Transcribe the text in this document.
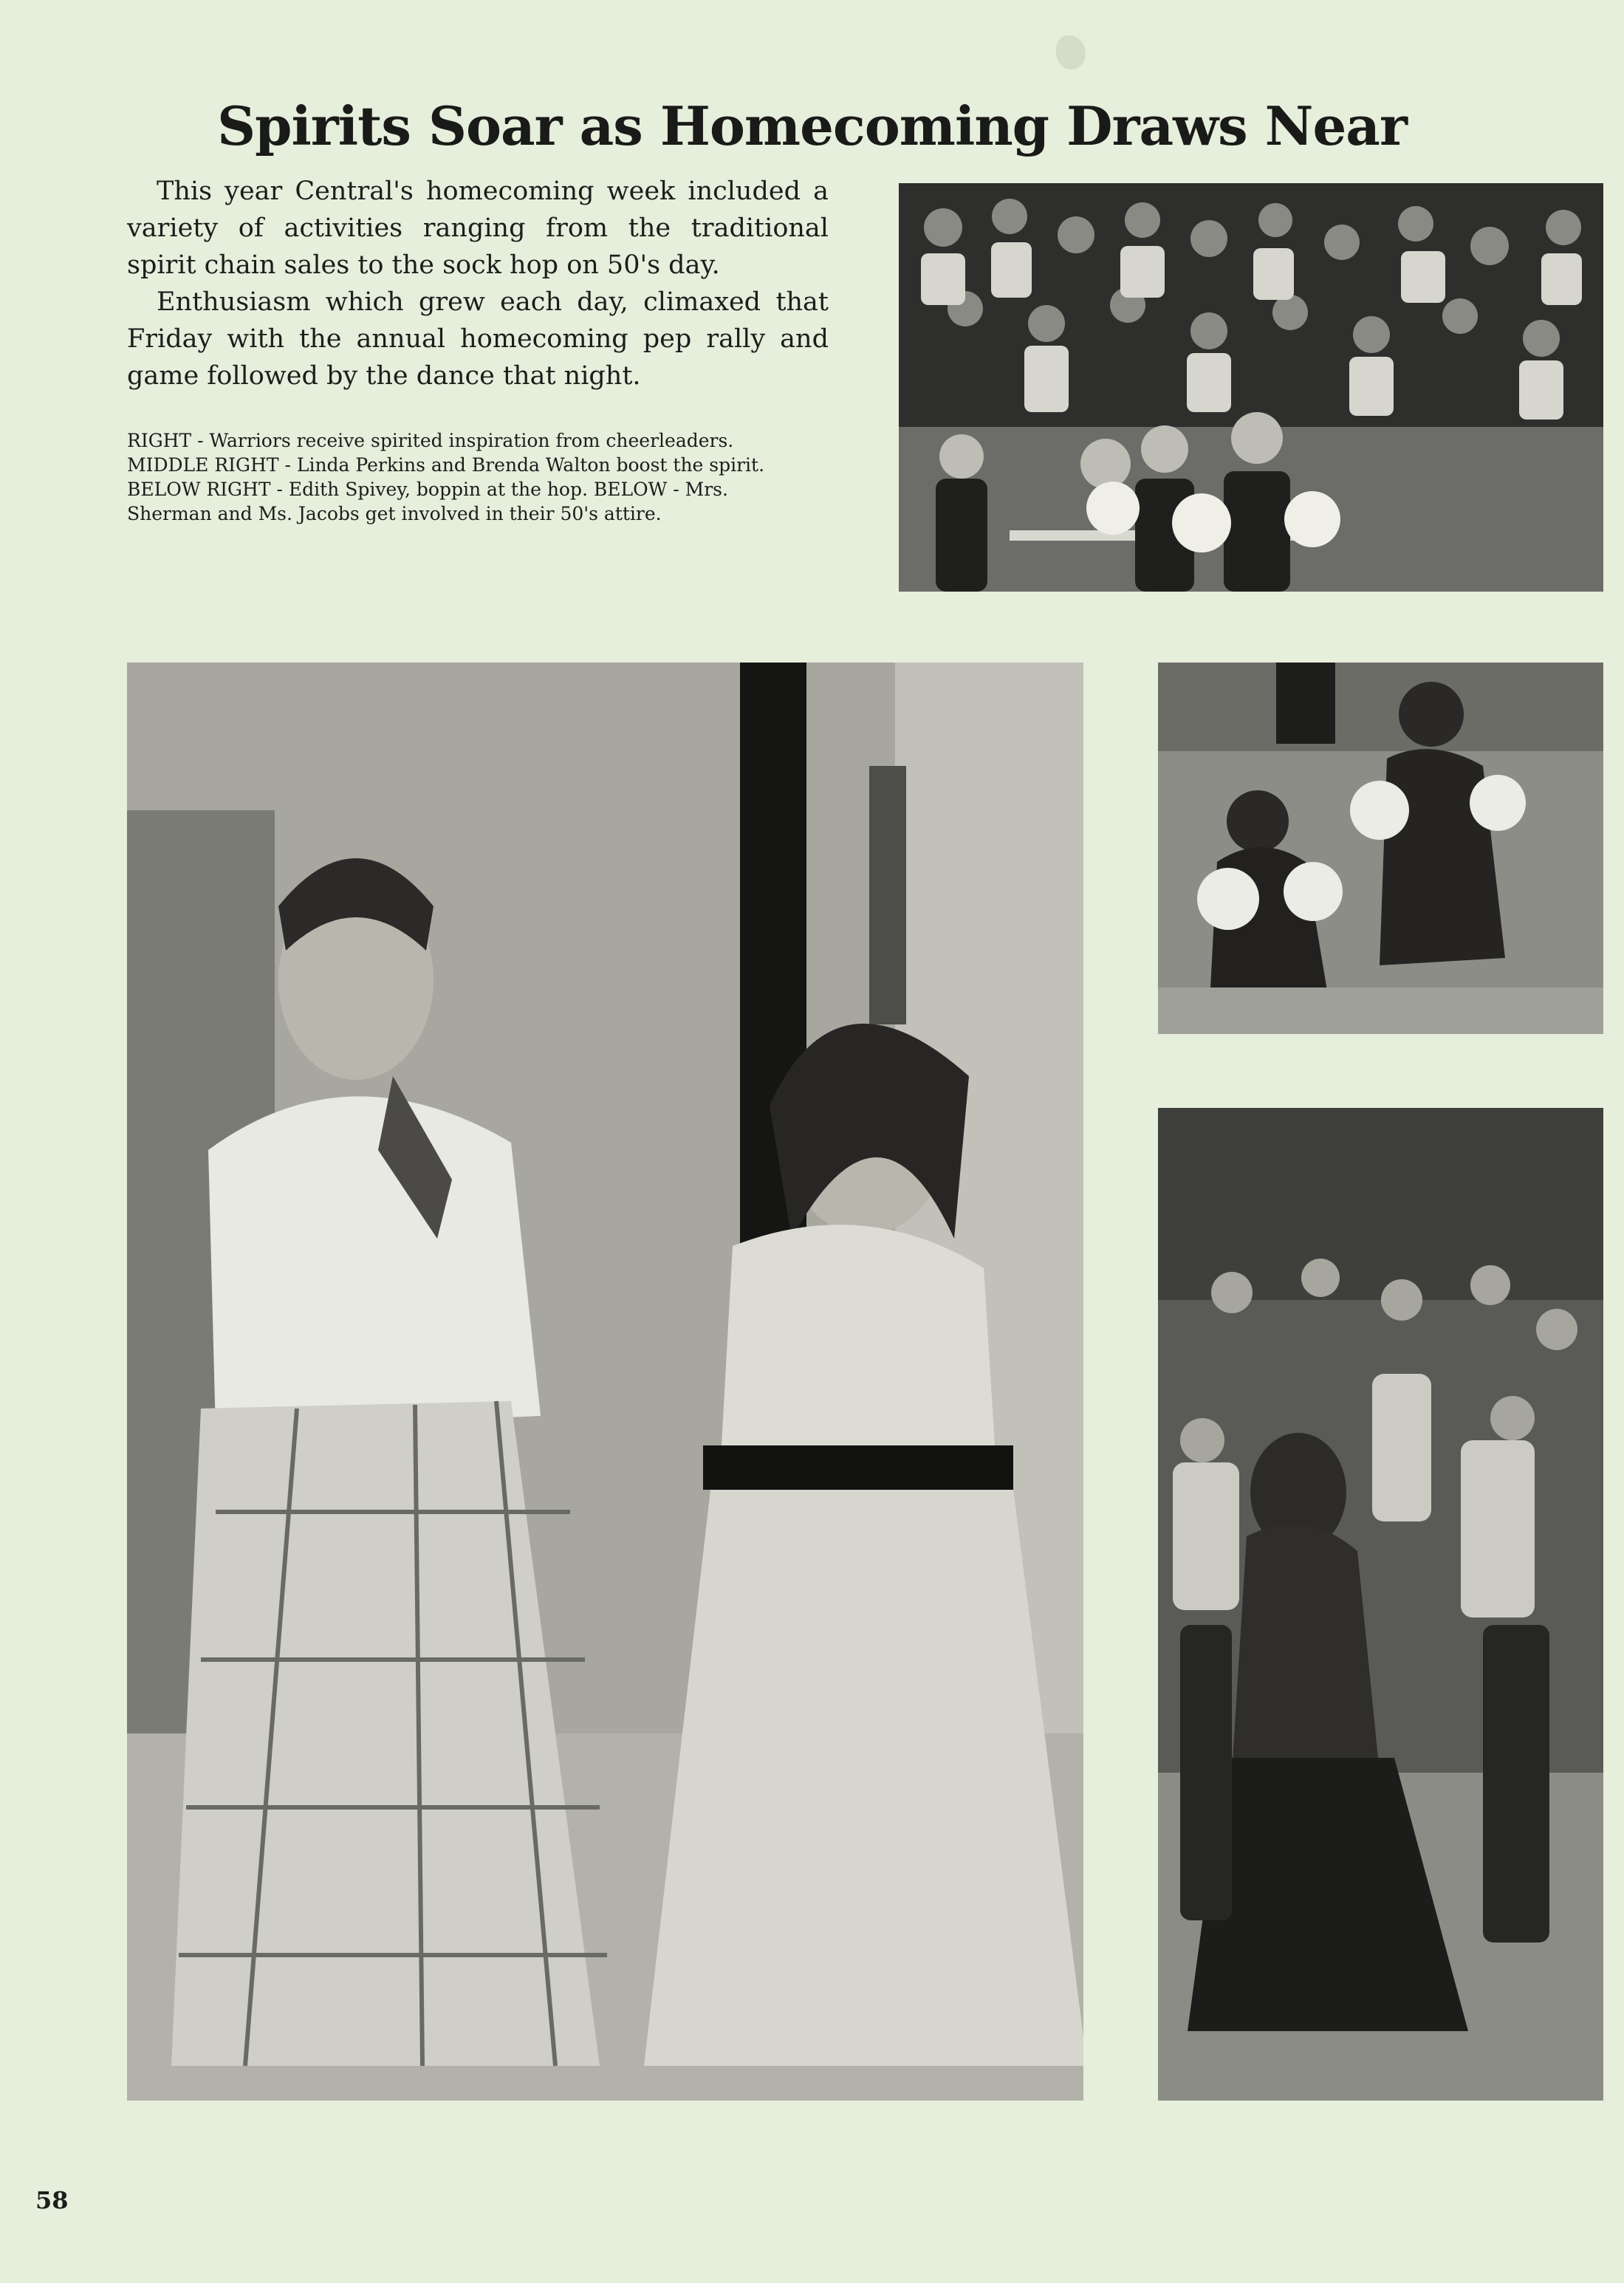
Spirits Soar as Homecoming Draws Near

This year Central's homecoming week included a variety of activities ranging from the traditional spirit chain sales to the sock hop on 50's day.

Enthusiasm which grew each day, climaxed that Friday with the annual homecoming pep rally and game followed by the dance that night.

RIGHT - Warriors receive spirited inspiration from cheerleaders.
MIDDLE RIGHT - Linda Perkins and Brenda Walton boost the spirit.
BELOW RIGHT - Edith Spivey, boppin at the hop. BELOW - Mrs.
Sherman and Ms. Jacobs get involved in their 50's attire.

58
